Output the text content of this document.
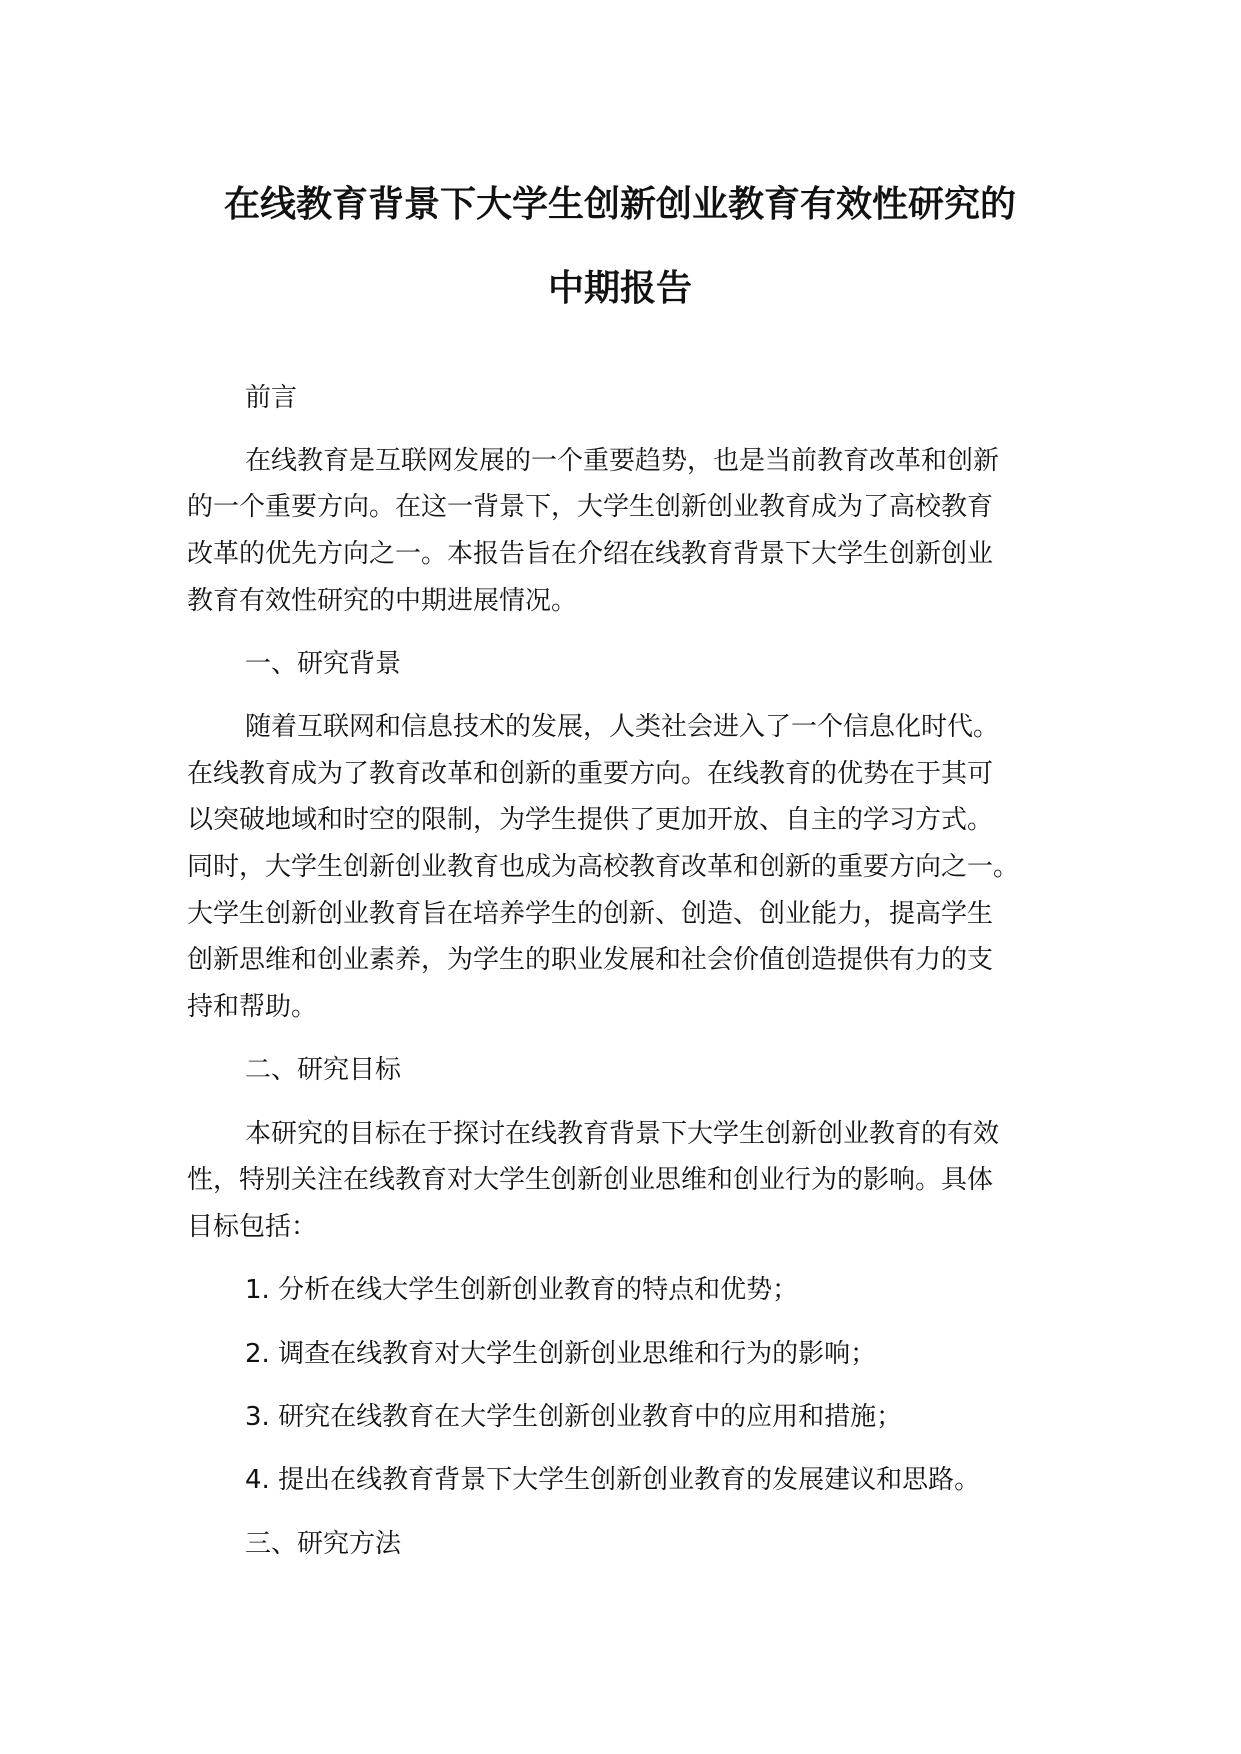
在线教育背景下大学生创新创业教育有效性研究的
中期报告
前言
在线教育是互联网发展的一个重要趋势，也是当前教育改革和创新
的一个重要方向。在这一背景下，大学生创新创业教育成为了高校教育
改革的优先方向之一。本报告旨在介绍在线教育背景下大学生创新创业
教育有效性研究的中期进展情况。
一、研究背景
随着互联网和信息技术的发展，人类社会进入了一个信息化时代。
在线教育成为了教育改革和创新的重要方向。在线教育的优势在于其可
以突破地域和时空的限制，为学生提供了更加开放、自主的学习方式。
同时，大学生创新创业教育也成为高校教育改革和创新的重要方向之一。
大学生创新创业教育旨在培养学生的创新、创造、创业能力，提高学生
创新思维和创业素养，为学生的职业发展和社会价值创造提供有力的支
持和帮助。
二、研究目标
本研究的目标在于探讨在线教育背景下大学生创新创业教育的有效
性，特别关注在线教育对大学生创新创业思维和创业行为的影响。具体
目标包括：
1. 分析在线大学生创新创业教育的特点和优势；
2. 调查在线教育对大学生创新创业思维和行为的影响；
3. 研究在线教育在大学生创新创业教育中的应用和措施；
4. 提出在线教育背景下大学生创新创业教育的发展建议和思路。
三、研究方法
